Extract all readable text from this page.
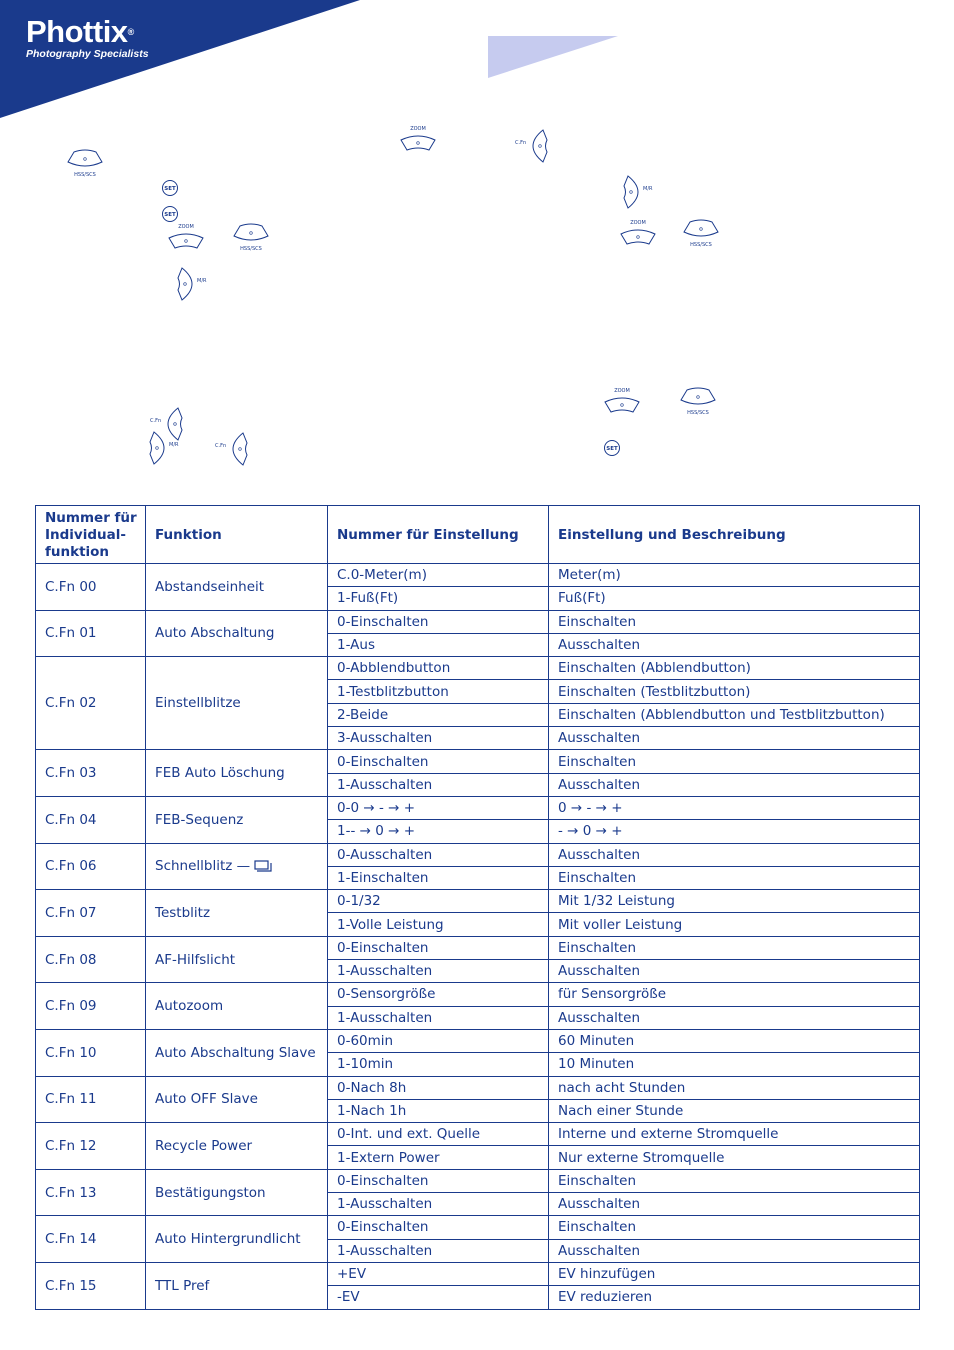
Phottix®
Photography Specialists
HSS/SCS
SET
SET
ZOOM
HSS/SCS
M/R
ZOOM
C.Fn
M/R
ZOOM
HSS/SCS
C.Fn
M/R	C.Fn
ZOOM
HSS/SCS
SET
Nummer für Individual-funktion	Funktion	Nummer für Einstellung	Einstellung und Beschreibung
C.Fn 00	Abstandseinheit	C.0-Meter(m)	Meter(m)
		1-Fuß(Ft)	Fuß(Ft)
C.Fn 01	Auto Abschaltung	0-Einschalten	Einschalten
		1-Aus	Ausschalten
C.Fn 02	Einstellblitze	0-Abblendbutton	Einschalten (Abblendbutton)
		1-Testblitzbutton	Einschalten (Testblitzbutton)
		2-Beide	Einschalten (Abblendbutton und Testblitzbutton)
		3-Ausschalten	Ausschalten
C.Fn 03	FEB Auto Löschung	0-Einschalten	Einschalten
		1-Ausschalten	Ausschalten
C.Fn 04	FEB-Sequenz	0-0 → - → +	0 → - → +
		1-- → 0 → +	- → 0 → +
C.Fn 06	Schnellblitz —	0-Ausschalten	Ausschalten
		1-Einschalten	Einschalten
C.Fn 07	Testblitz	0-1/32	Mit 1/32 Leistung
		1-Volle Leistung	Mit voller Leistung
C.Fn 08	AF-Hilfslicht	0-Einschalten	Einschalten
		1-Ausschalten	Ausschalten
C.Fn 09	Autozoom	0-Sensorgröße	für Sensorgröße
		1-Ausschalten	Ausschalten
C.Fn 10	Auto Abschaltung Slave	0-60min	60 Minuten
		1-10min	10 Minuten
C.Fn 11	Auto OFF Slave	0-Nach 8h	nach acht Stunden
		1-Nach 1h	Nach einer Stunde
C.Fn 12	Recycle Power	0-Int. und ext. Quelle	Interne und externe Stromquelle
		1-Extern Power	Nur externe Stromquelle
C.Fn 13	Bestätigungston	0-Einschalten	Einschalten
		1-Ausschalten	Ausschalten
C.Fn 14	Auto Hintergrundlicht	0-Einschalten	Einschalten
		1-Ausschalten	Ausschalten
C.Fn 15	TTL Pref	+EV	EV hinzufügen
		-EV	EV reduzieren
